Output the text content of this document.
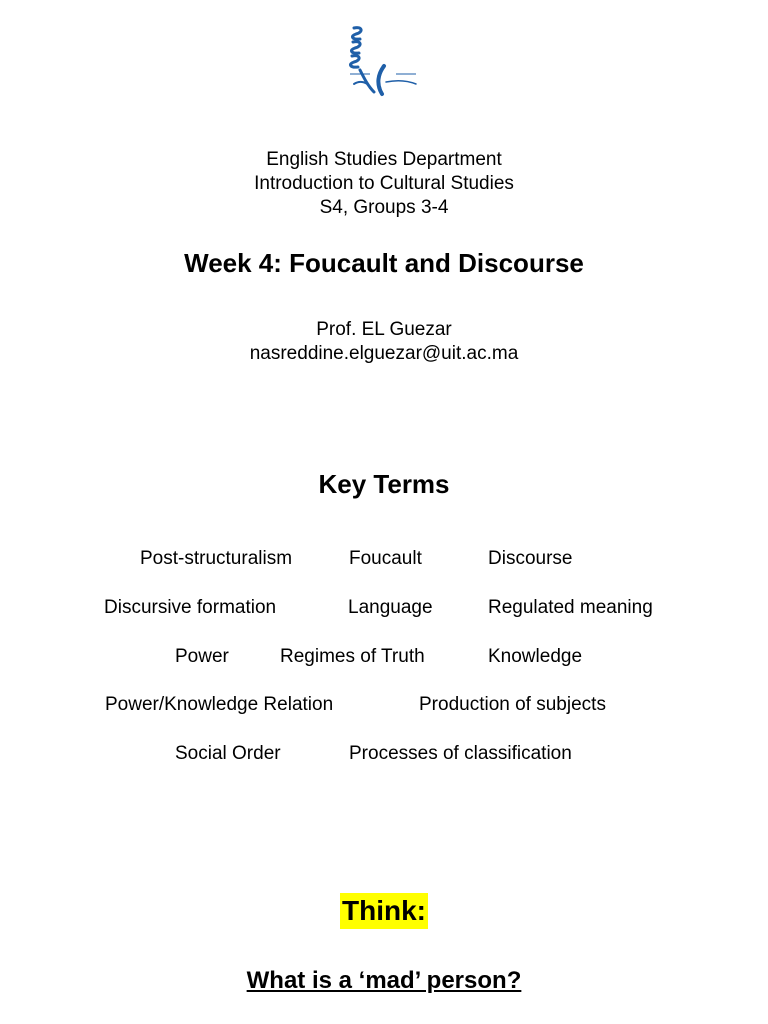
English Studies Department
Introduction to Cultural Studies
S4, Groups 3-4
Week 4: Foucault and Discourse
Prof. EL Guezar
nasreddine.elguezar@uit.ac.ma
Key Terms
Post-structuralism	Foucault	Discourse
Discursive formation	Language	Regulated meaning
Power	Regimes of Truth	Knowledge
Power/Knowledge Relation	Production of subjects
Social Order	Processes of classification
Think:
What is a ‘mad’ person?
